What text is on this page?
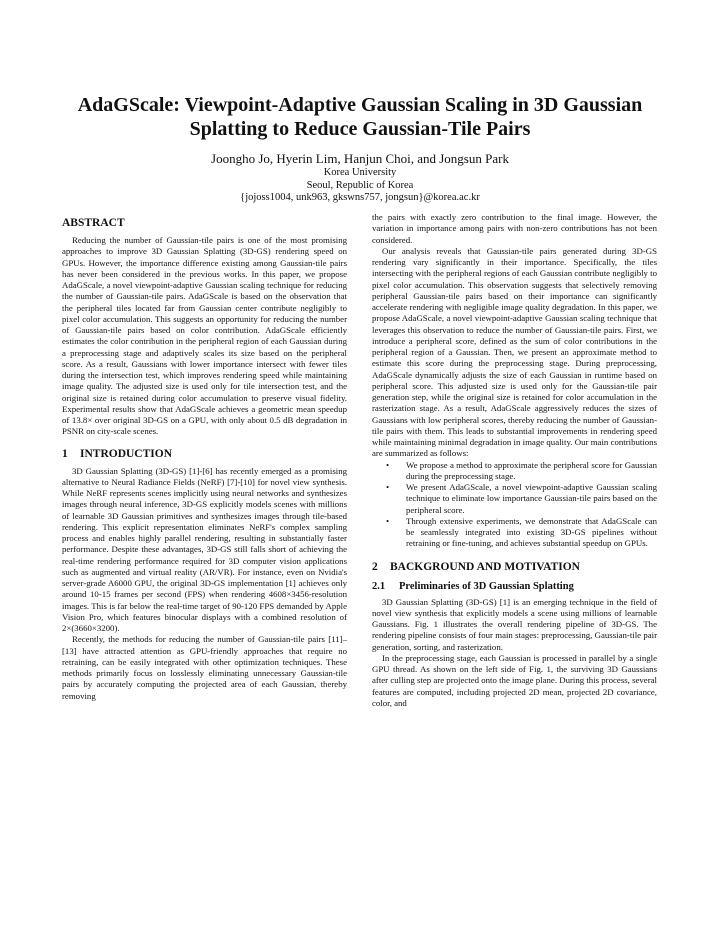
AdaGScale: Viewpoint-Adaptive Gaussian Scaling in 3D Gaussian
Splatting to Reduce Gaussian-Tile Pairs
Joongho Jo, Hyerin Lim, Hanjun Choi, and Jongsun Park
Korea University
Seoul, Republic of Korea
{jojoss1004, unk963, gkswns757, jongsun}@korea.ac.kr
ABSTRACT

Reducing the number of Gaussian-tile pairs is one of the most promising approaches to improve 3D Gaussian Splatting (3D-GS) rendering speed on GPUs. However, the importance difference existing among Gaussian-tile pairs has never been considered in the previous works. In this paper, we propose AdaGScale, a novel viewpoint-adaptive Gaussian scaling technique for reducing the number of Gaussian-tile pairs. AdaGScale is based on the observation that the peripheral tiles located far from Gaussian center contribute negligibly to pixel color accumulation. This suggests an opportunity for reducing the number of Gaussian-tile pairs based on color contribution. AdaGScale efficiently estimates the color contribution in the peripheral region of each Gaussian during a preprocessing stage and adaptively scales its size based on the peripheral score. As a result, Gaussians with lower importance intersect with fewer tiles during the intersection test, which improves rendering speed while maintaining image quality. The adjusted size is used only for tile intersection test, and the original size is retained during color accumulation to preserve visual fidelity. Experimental results show that AdaGScale achieves a geometric mean speedup of 13.8× over original 3D-GS on a GPU, with only about 0.5 dB degradation in PSNR on city-scale scenes.

1 INTRODUCTION

3D Gaussian Splatting (3D-GS) [1]-[6] has recently emerged as a promising alternative to Neural Radiance Fields (NeRF) [7]-[10] for novel view synthesis. While NeRF represents scenes implicitly using neural networks and synthesizes images through neural inference, 3D-GS explicitly models scenes with millions of learnable 3D Gaussian primitives and synthesizes images through tile-based rendering. This explicit representation eliminates NeRF's complex sampling process and enables highly parallel rendering, resulting in substantially faster performance. Despite these advantages, 3D-GS still falls short of achieving the real-time rendering performance required for 3D computer vision applications such as augmented and virtual reality (AR/VR). For instance, even on Nvidia's server-grade A6000 GPU, the original 3D-GS implementation [1] achieves only around 10-15 frames per second (FPS) when rendering 4608×3456-resolution images. This is far below the real-time target of 90-120 FPS demanded by Apple Vision Pro, which features binocular displays with a combined resolution of 2×(3660×3200).

Recently, the methods for reducing the number of Gaussian-tile pairs [11]–[13] have attracted attention as GPU-friendly approaches that require no retraining, can be easily integrated with other optimization techniques. These methods primarily focus on losslessly eliminating unnecessary Gaussian-tile pairs by accurately computing the projected area of each Gaussian, thereby removing

the pairs with exactly zero contribution to the final image. However, the variation in importance among pairs with non-zero contributions has not been considered.

Our analysis reveals that Gaussian-tile pairs generated during 3D-GS rendering vary significantly in their importance. Specifically, the tiles intersecting with the peripheral regions of each Gaussian contribute negligibly to pixel color accumulation. This observation suggests that selectively removing peripheral Gaussian-tile pairs based on their importance can significantly accelerate rendering with negligible image quality degradation. In this paper, we propose AdaGScale, a novel viewpoint-adaptive Gaussian scaling technique that leverages this observation to reduce the number of Gaussian-tile pairs. First, we introduce a peripheral score, defined as the sum of color contributions in the peripheral region of a Gaussian. Then, we present an approximate method to estimate this score during the preprocessing stage. During preprocessing, AdaGScale dynamically adjusts the size of each Gaussian in runtime based on peripheral score. This adjusted size is used only for the Gaussian-tile pair generation step, while the original size is retained for color accumulation in the rasterization stage. As a result, AdaGScale aggressively reduces the sizes of Gaussians with low peripheral scores, thereby reducing the number of Gaussian-tile pairs with them. This leads to substantial improvements in rendering speed while maintaining minimal degradation in image quality. Our main contributions are summarized as follows:

• We propose a method to approximate the peripheral score for Gaussian during the preprocessing stage.
• We present AdaGScale, a novel viewpoint-adaptive Gaussian scaling technique to eliminate low importance Gaussian-tile pairs based on the peripheral score.
• Through extensive experiments, we demonstrate that AdaGScale can be seamlessly integrated into existing 3D-GS pipelines without retraining or fine-tuning, and achieves substantial speedup on GPUs.
2 BACKGROUND AND MOTIVATION
2.1 Preliminaries of 3D Gaussian Splatting

3D Gaussian Splatting (3D-GS) [1] is an emerging technique in the field of novel view synthesis that explicitly models a scene using millions of learnable Gaussians. Fig. 1 illustrates the overall rendering pipeline of 3D-GS. The rendering pipeline consists of four main stages: preprocessing, Gaussian-tile pair generation, sorting, and rasterization.

In the preprocessing stage, each Gaussian is processed in parallel by a single GPU thread. As shown on the left side of Fig. 1, the surviving 3D Gaussians after culling step are projected onto the image plane. During this process, several features are computed, including projected 2D mean, projected 2D covariance, color, and
